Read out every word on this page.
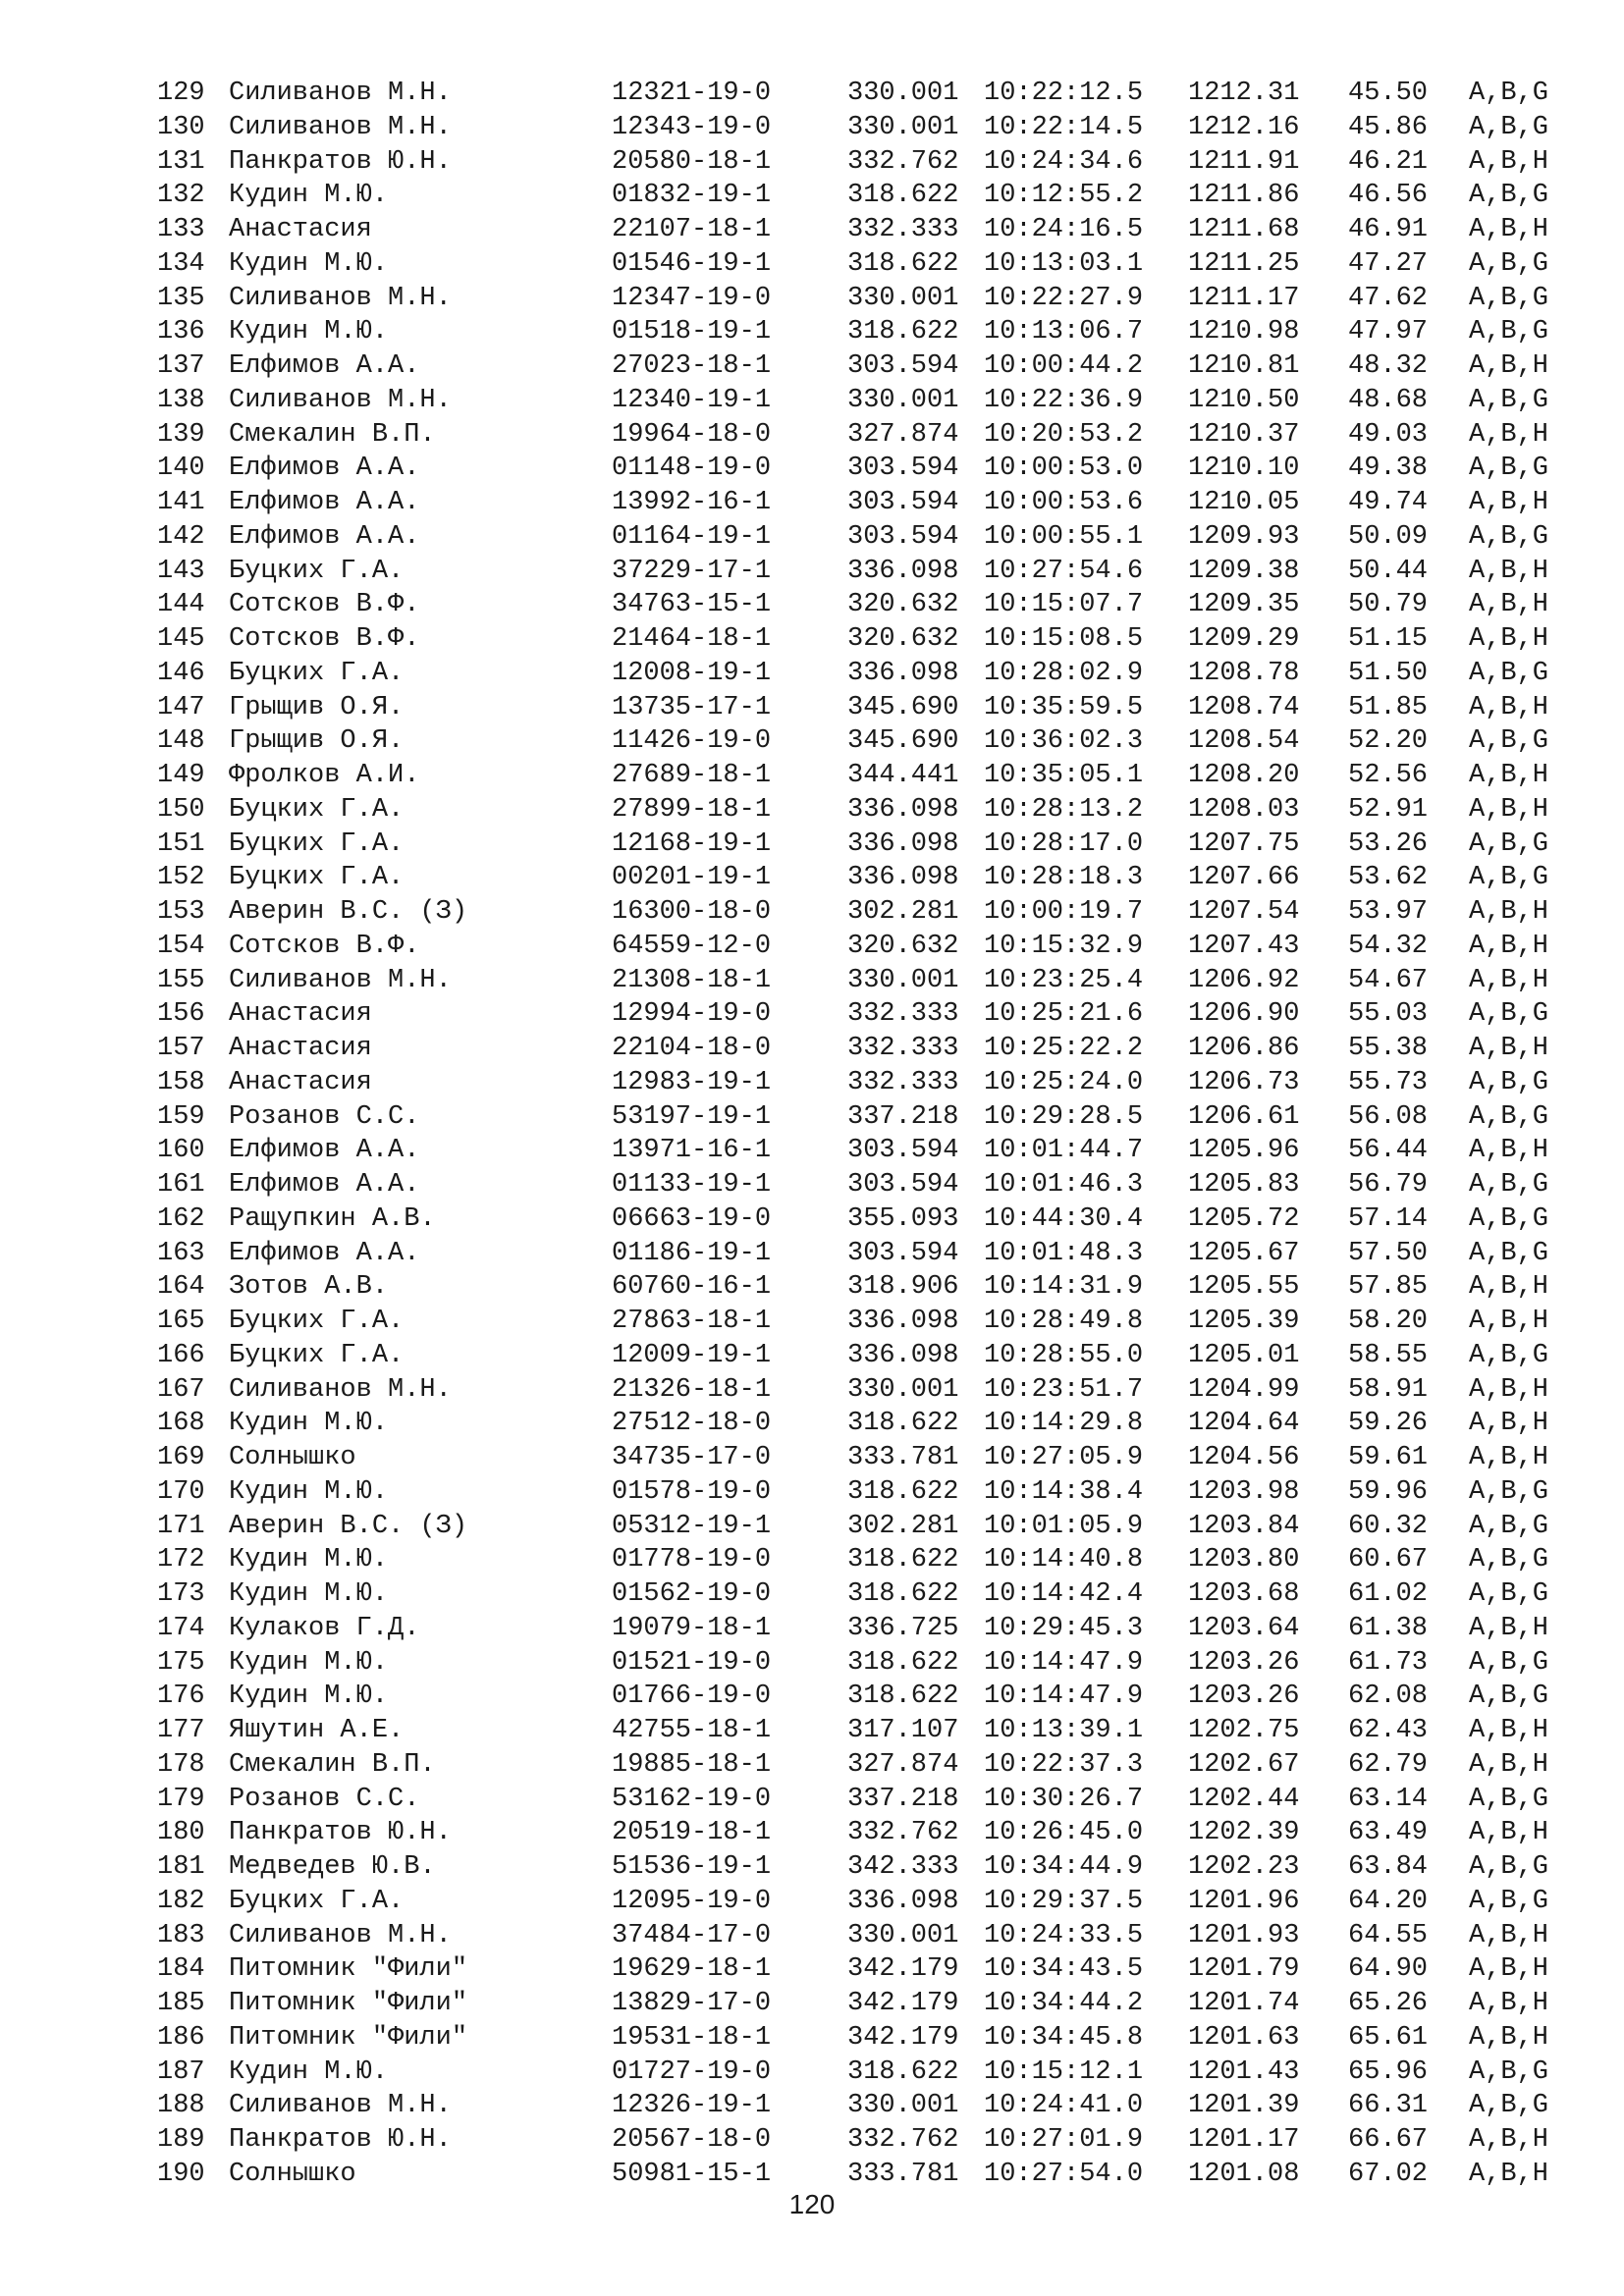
129 Силиванов М.Н.	12321-19-0	330.001 10:22:12.5 1212.31 45.50 A,B,G
130 Силиванов М.Н.	12343-19-0	330.001 10:22:14.5 1212.16 45.86 A,B,G
131 Панкратов Ю.Н.	20580-18-1	332.762 10:24:34.6 1211.91 46.21 A,B,H
132 Кудин М.Ю.	01832-19-1	318.622 10:12:55.2 1211.86 46.56 A,B,G
133 Анастасия	22107-18-1	332.333 10:24:16.5 1211.68 46.91 A,B,H
134 Кудин М.Ю.	01546-19-1	318.622 10:13:03.1 1211.25 47.27 A,B,G
135 Силиванов М.Н.	12347-19-0	330.001 10:22:27.9 1211.17 47.62 A,B,G
136 Кудин М.Ю.	01518-19-1	318.622 10:13:06.7 1210.98 47.97 A,B,G
137 Елфимов А.А.	27023-18-1	303.594 10:00:44.2 1210.81 48.32 A,B,H
138 Силиванов М.Н.	12340-19-1	330.001 10:22:36.9 1210.50 48.68 A,B,G
139 Смекалин В.П.	19964-18-0	327.874 10:20:53.2 1210.37 49.03 A,B,H
140 Елфимов А.А.	01148-19-0	303.594 10:00:53.0 1210.10 49.38 A,B,G
141 Елфимов А.А.	13992-16-1	303.594 10:00:53.6 1210.05 49.74 A,B,H
142 Елфимов А.А.	01164-19-1	303.594 10:00:55.1 1209.93 50.09 A,B,G
143 Буцких Г.А.	37229-17-1	336.098 10:27:54.6 1209.38 50.44 A,B,H
144 Сотсков В.Ф.	34763-15-1	320.632 10:15:07.7 1209.35 50.79 A,B,H
145 Сотсков В.Ф.	21464-18-1	320.632 10:15:08.5 1209.29 51.15 A,B,H
146 Буцких Г.А.	12008-19-1	336.098 10:28:02.9 1208.78 51.50 A,B,G
147 Грыщив О.Я.	13735-17-1	345.690 10:35:59.5 1208.74 51.85 A,B,H
148 Грыщив О.Я.	11426-19-0	345.690 10:36:02.3 1208.54 52.20 A,B,G
149 Фролков А.И.	27689-18-1	344.441 10:35:05.1 1208.20 52.56 A,B,H
150 Буцких Г.А.	27899-18-1	336.098 10:28:13.2 1208.03 52.91 A,B,H
151 Буцких Г.А.	12168-19-1	336.098 10:28:17.0 1207.75 53.26 A,B,G
152 Буцких Г.А.	00201-19-1	336.098 10:28:18.3 1207.66 53.62 A,B,G
153 Аверин В.С. (З)	16300-18-0	302.281 10:00:19.7 1207.54 53.97 A,B,H
154 Сотсков В.Ф.	64559-12-0	320.632 10:15:32.9 1207.43 54.32 A,B,H
155 Силиванов М.Н.	21308-18-1	330.001 10:23:25.4 1206.92 54.67 A,B,H
156 Анастасия	12994-19-0	332.333 10:25:21.6 1206.90 55.03 A,B,G
157 Анастасия	22104-18-0	332.333 10:25:22.2 1206.86 55.38 A,B,H
158 Анастасия	12983-19-1	332.333 10:25:24.0 1206.73 55.73 A,B,G
159 Розанов С.С.	53197-19-1	337.218 10:29:28.5 1206.61 56.08 A,B,G
160 Елфимов А.А.	13971-16-1	303.594 10:01:44.7 1205.96 56.44 A,B,H
161 Елфимов А.А.	01133-19-1	303.594 10:01:46.3 1205.83 56.79 A,B,G
162 Ращупкин А.В.	06663-19-0	355.093 10:44:30.4 1205.72 57.14 A,B,G
163 Елфимов А.А.	01186-19-1	303.594 10:01:48.3 1205.67 57.50 A,B,G
164 Зотов А.В.	60760-16-1	318.906 10:14:31.9 1205.55 57.85 A,B,H
165 Буцких Г.А.	27863-18-1	336.098 10:28:49.8 1205.39 58.20 A,B,H
166 Буцких Г.А.	12009-19-1	336.098 10:28:55.0 1205.01 58.55 A,B,G
167 Силиванов М.Н.	21326-18-1	330.001 10:23:51.7 1204.99 58.91 A,B,H
168 Кудин М.Ю.	27512-18-0	318.622 10:14:29.8 1204.64 59.26 A,B,H
169 Солнышко	34735-17-0	333.781 10:27:05.9 1204.56 59.61 A,B,H
170 Кудин М.Ю.	01578-19-0	318.622 10:14:38.4 1203.98 59.96 A,B,G
171 Аверин В.С. (З)	05312-19-1	302.281 10:01:05.9 1203.84 60.32 A,B,G
172 Кудин М.Ю.	01778-19-0	318.622 10:14:40.8 1203.80 60.67 A,B,G
173 Кудин М.Ю.	01562-19-0	318.622 10:14:42.4 1203.68 61.02 A,B,G
174 Кулаков Г.Д.	19079-18-1	336.725 10:29:45.3 1203.64 61.38 A,B,H
175 Кудин М.Ю.	01521-19-0	318.622 10:14:47.9 1203.26 61.73 A,B,G
176 Кудин М.Ю.	01766-19-0	318.622 10:14:47.9 1203.26 62.08 A,B,G
177 Яшутин А.Е.	42755-18-1	317.107 10:13:39.1 1202.75 62.43 A,B,H
178 Смекалин В.П.	19885-18-1	327.874 10:22:37.3 1202.67 62.79 A,B,H
179 Розанов С.С.	53162-19-0	337.218 10:30:26.7 1202.44 63.14 A,B,G
180 Панкратов Ю.Н.	20519-18-1	332.762 10:26:45.0 1202.39 63.49 A,B,H
181 Медведев Ю.В.	51536-19-1	342.333 10:34:44.9 1202.23 63.84 A,B,G
182 Буцких Г.А.	12095-19-0	336.098 10:29:37.5 1201.96 64.20 A,B,G
183 Силиванов М.Н.	37484-17-0	330.001 10:24:33.5 1201.93 64.55 A,B,H
184 Питомник "Фили"	19629-18-1	342.179 10:34:43.5 1201.79 64.90 A,B,H
185 Питомник "Фили"	13829-17-0	342.179 10:34:44.2 1201.74 65.26 A,B,H
186 Питомник "Фили"	19531-18-1	342.179 10:34:45.8 1201.63 65.61 A,B,H
187 Кудин М.Ю.	01727-19-0	318.622 10:15:12.1 1201.43 65.96 A,B,G
188 Силиванов М.Н.	12326-19-1	330.001 10:24:41.0 1201.39 66.31 A,B,G
189 Панкратов Ю.Н.	20567-18-0	332.762 10:27:01.9 1201.17 66.67 A,B,H
190 Солнышко	50981-15-1	333.781 10:27:54.0 1201.08 67.02 A,B,H
120
